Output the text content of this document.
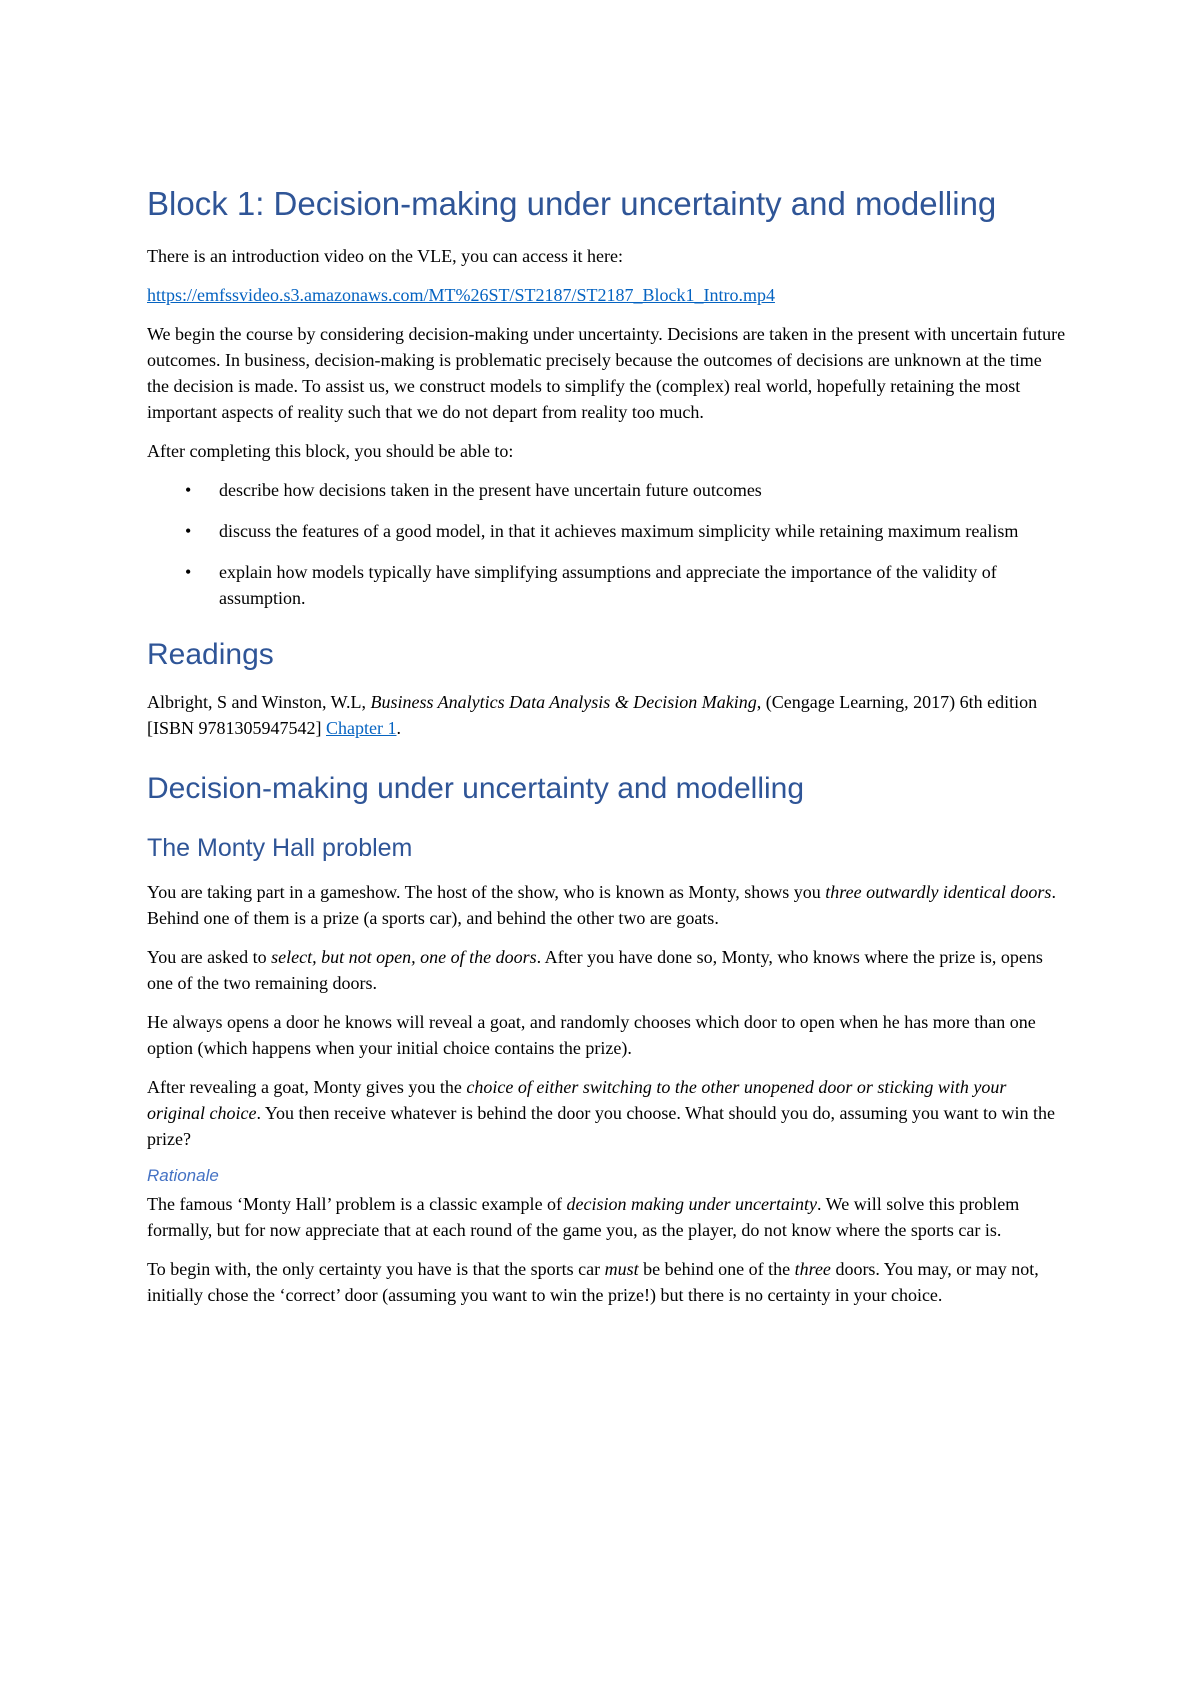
Block 1: Decision-making under uncertainty and modelling

There is an introduction video on the VLE, you can access it here:

https://emfssvideo.s3.amazonaws.com/MT%26ST/ST2187/ST2187_Block1_Intro.mp4

We begin the course by considering decision-making under uncertainty. Decisions are taken in the present with uncertain future outcomes. In business, decision-making is problematic precisely because the outcomes of decisions are unknown at the time the decision is made. To assist us, we construct models to simplify the (complex) real world, hopefully retaining the most important aspects of reality such that we do not depart from reality too much.

After completing this block, you should be able to:

• describe how decisions taken in the present have uncertain future outcomes
• discuss the features of a good model, in that it achieves maximum simplicity while retaining maximum realism
• explain how models typically have simplifying assumptions and appreciate the importance of the validity of assumption.
Readings

Albright, S and Winston, W.L, Business Analytics Data Analysis & Decision Making, (Cengage Learning, 2017) 6th edition [ISBN 9781305947542] Chapter 1.

Decision-making under uncertainty and modelling
The Monty Hall problem

You are taking part in a gameshow. The host of the show, who is known as Monty, shows you three outwardly identical doors. Behind one of them is a prize (a sports car), and behind the other two are goats.

You are asked to select, but not open, one of the doors. After you have done so, Monty, who knows where the prize is, opens one of the two remaining doors.

He always opens a door he knows will reveal a goat, and randomly chooses which door to open when he has more than one option (which happens when your initial choice contains the prize).

After revealing a goat, Monty gives you the choice of either switching to the other unopened door or sticking with your original choice. You then receive whatever is behind the door you choose. What should you do, assuming you want to win the prize?

Rationale

The famous ‘Monty Hall’ problem is a classic example of decision making under uncertainty. We will solve this problem formally, but for now appreciate that at each round of the game you, as the player, do not know where the sports car is.

To begin with, the only certainty you have is that the sports car must be behind one of the three doors. You may, or may not, initially chose the ‘correct’ door (assuming you want to win the prize!) but there is no certainty in your choice.
